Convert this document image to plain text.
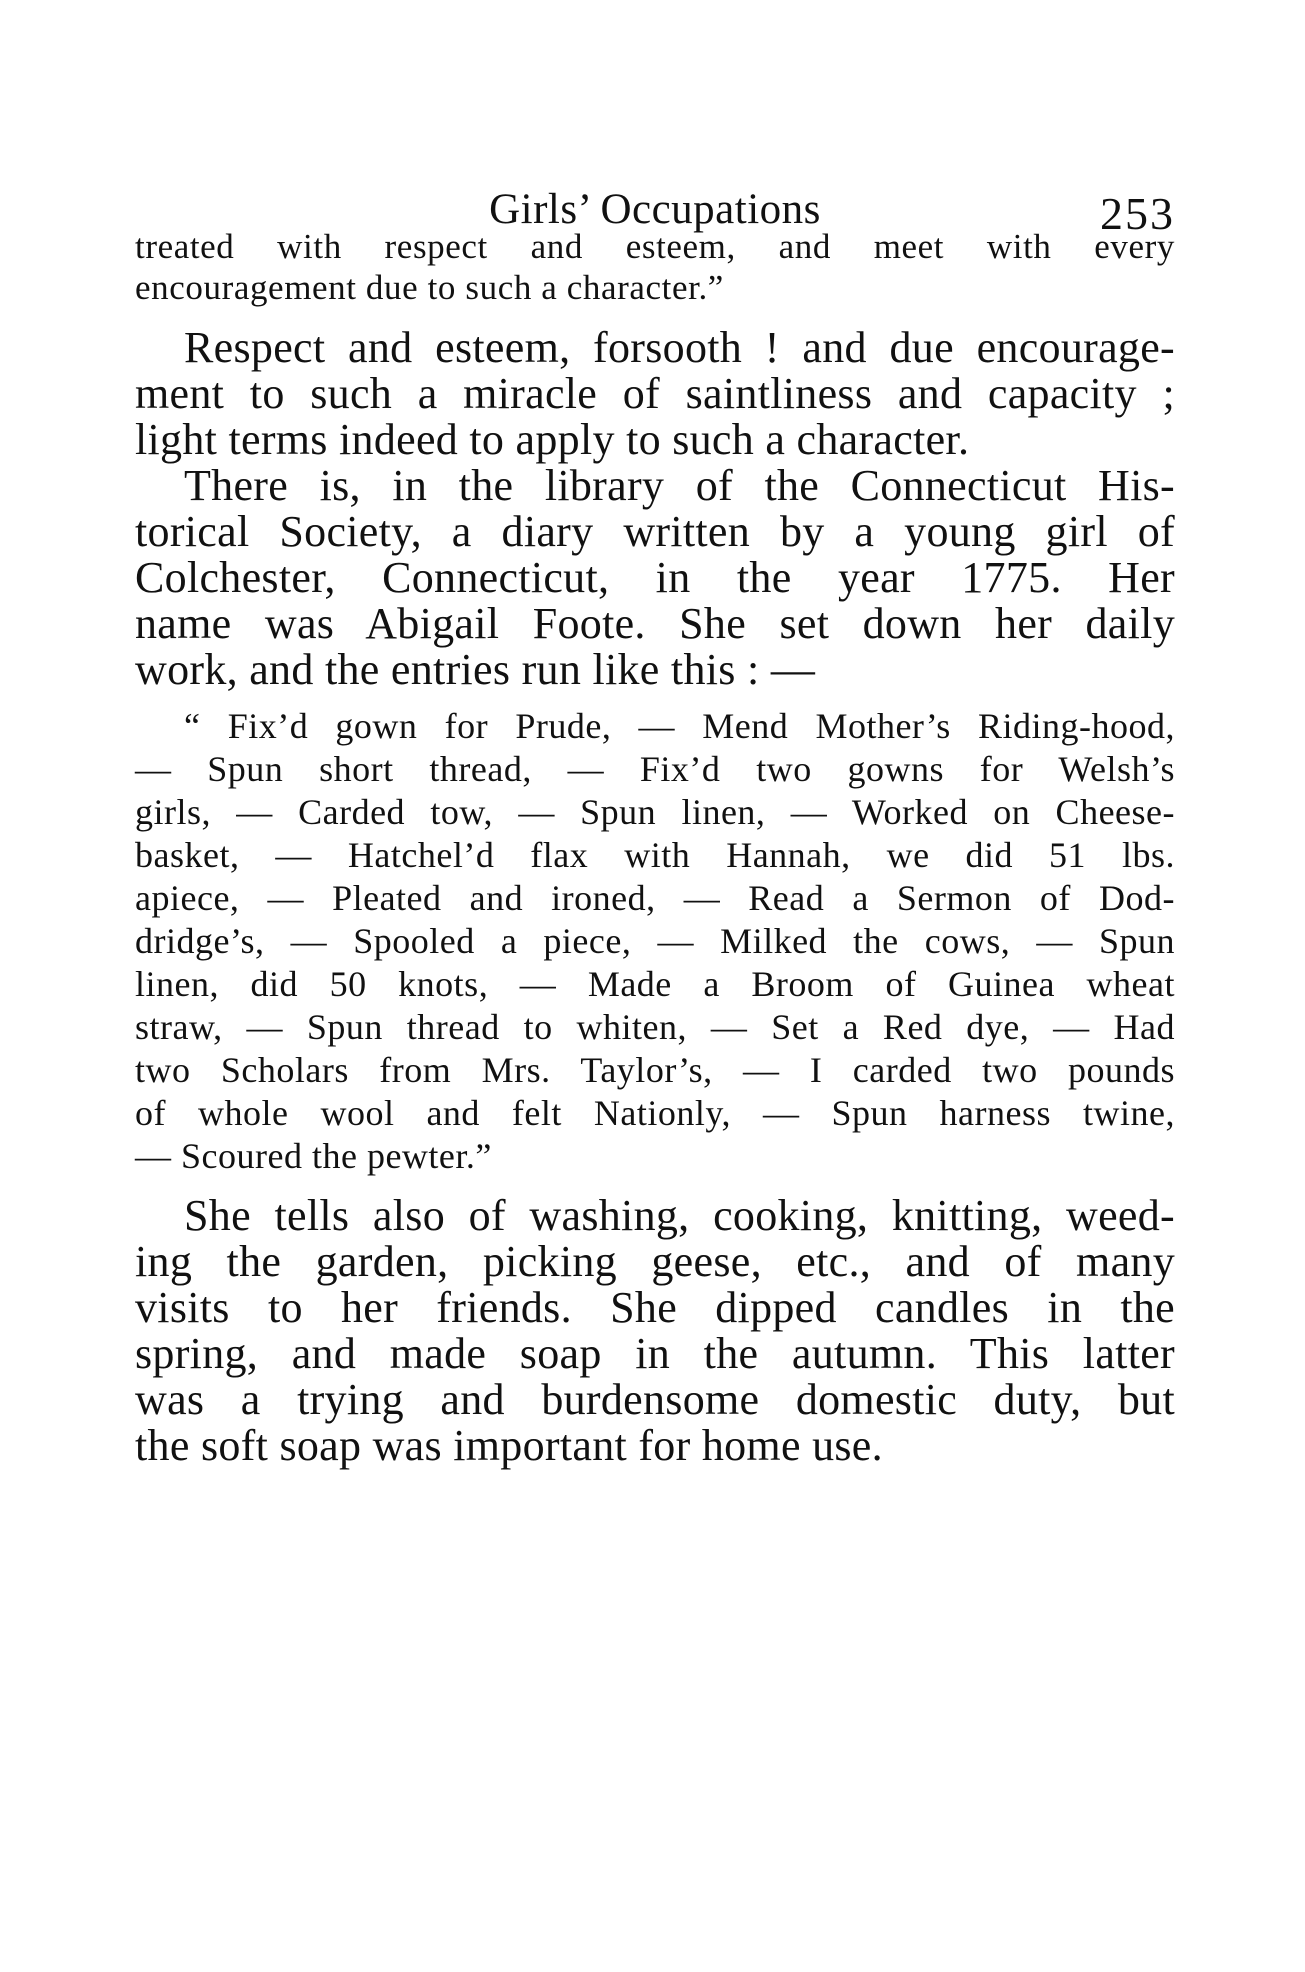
Girls’ Occupations	253
treated with respect and esteem, and meet with every
encouragement due to such a character.”
Respect and esteem, forsooth ! and due encourage-
ment to such a miracle of saintliness and capacity ;
light terms indeed to apply to such a character.
There is, in the library of the Connecticut His-
torical Society, a diary written by a young girl of
Colchester, Connecticut, in the year 1775. Her
name was Abigail Foote. She set down her daily
work, and the entries run like this : —
“ Fix’d gown for Prude, — Mend Mother’s Riding-hood,
— Spun short thread, — Fix’d two gowns for Welsh’s
girls, — Carded tow, — Spun linen, — Worked on Cheese-
basket, — Hatchel’d flax with Hannah, we did 51 lbs.
apiece, — Pleated and ironed, — Read a Sermon of Dod-
dridge’s, — Spooled a piece, — Milked the cows, — Spun
linen, did 50 knots, — Made a Broom of Guinea wheat
straw, — Spun thread to whiten, — Set a Red dye, — Had
two Scholars from Mrs. Taylor’s, — I carded two pounds
of whole wool and felt Nationly, — Spun harness twine,
— Scoured the pewter.”
She tells also of washing, cooking, knitting, weed-
ing the garden, picking geese, etc., and of many
visits to her friends. She dipped candles in the
spring, and made soap in the autumn. This latter
was a trying and burdensome domestic duty, but
the soft soap was important for home use.
